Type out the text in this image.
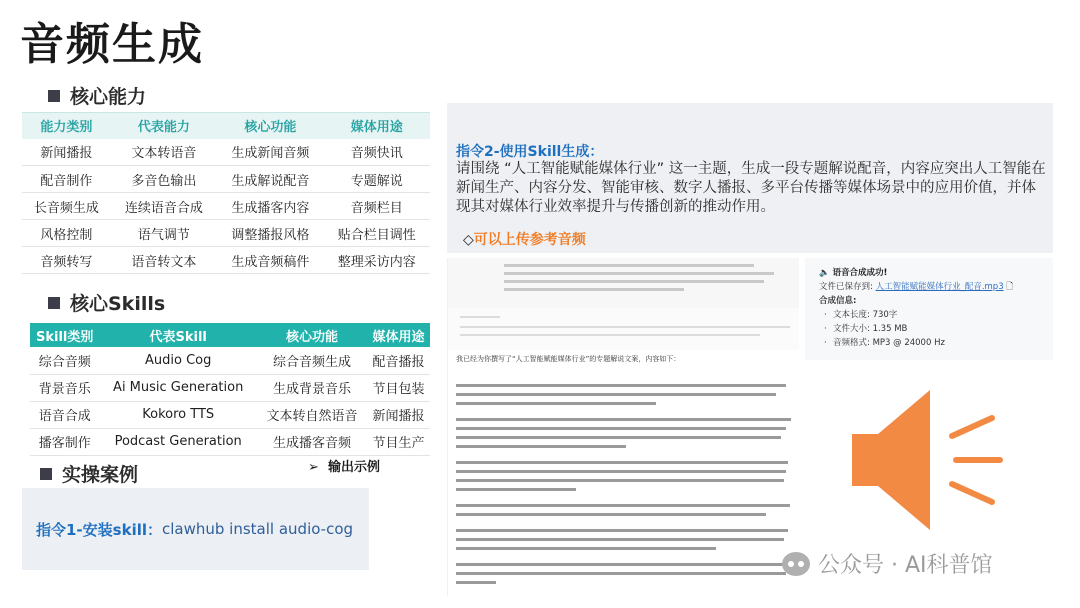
音频生成
核心能力
能力类别	代表能力	核心功能	媒体用途
新闻播报	文本转语音	生成新闻音频	音频快讯
配音制作	多音色输出	生成解说配音	专题解说
长音频生成	连续语音合成	生成播客内容	音频栏目
风格控制	语气调节	调整播报风格	贴合栏目调性
音频转写	语音转文本	生成音频稿件	整理采访内容
核心Skills
Skill类别	代表Skill	核心功能	媒体用途
综合音频	Audio Cog	综合音频生成	配音播报
背景音乐	Ai Music Generation	生成背景音乐	节目包装
语音合成	Kokoro TTS	文本转自然语音	新闻播报
播客制作	Podcast Generation	生成播客音频	节目生产
实操案例	➢  输出示例
指令1-安装skill： clawhub install audio-cog
指令2-使用Skill生成：
请围绕 “人工智能赋能媒体行业” 这一主题，生成一段专题解说配音，内容应突出人工智能在新闻生产、内容分发、智能审核、数字人播报、多平台传播等媒体场景中的应用价值，并体现其对媒体行业效率提升与传播创新的推动作用。
◇可以上传参考音频
我已经为你撰写了“人工智能赋能媒体行业”的专题解说文案，内容如下：
🔈 语音合成成功!
文件已保存到: 人工智能赋能媒体行业_配音.mp3 🗋
合成信息:
· 文本长度: 730字
· 文件大小: 1.35 MB
· 音频格式: MP3 @ 24000 Hz
公众号 · AI科普馆
